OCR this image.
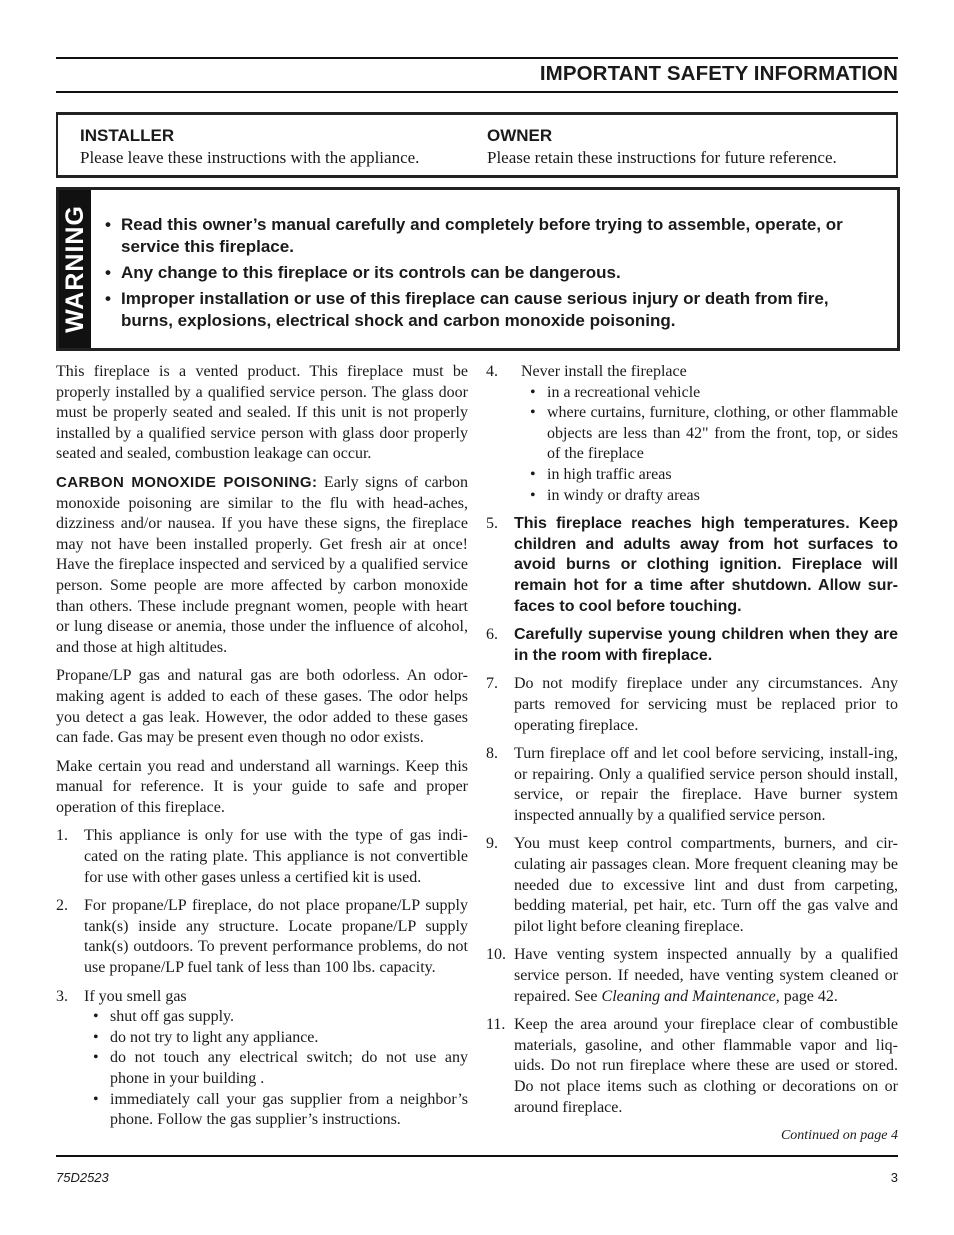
IMPORTANT SAFETY INFORMATION
INSTALLER
Please leave these instructions with the appliance.
OWNER
Please retain these instructions for future reference.
WARNING
•	Read this owner’s manual carefully and completely before trying to assemble, operate, or service this fireplace.
• Any change to this fireplace or its controls can be dangerous.
• Improper installation or use of this fireplace can cause serious injury or death from fire, burns, explosions, electrical shock and carbon monoxide poisoning.

This fireplace is a vented product. This fireplace must be properly installed by a qualified service person. The glass door must be properly seated and sealed. If this unit is not properly installed by a qualified service person with glass door properly seated and sealed, combustion leakage can occur.

CARBON MONOXIDE POISONING: Early signs of carbon monoxide poisoning are similar to the flu with head-aches, dizziness and/or nausea. If you have these signs, the fireplace may not have been installed properly. Get fresh air at once! Have the fireplace inspected and serviced by a qualified service person. Some people are more affected by carbon monoxide than others. These include pregnant women, people with heart or lung disease or anemia, those under the influence of alcohol, and those at high altitudes.

Propane/LP gas and natural gas are both odorless. An odor-making agent is added to each of these gases. The odor helps you detect a gas leak. However, the odor added to these gases can fade. Gas may be present even though no odor exists.

Make certain you read and understand all warnings. Keep this manual for reference. It is your guide to safe and proper operation of this fireplace.

1. This appliance is only for use with the type of gas indi-cated on the rating plate. This appliance is not convertible for use with other gases unless a certified kit is used.
2. For propane/LP fireplace, do not place propane/LP supply tank(s) inside any structure. Locate propane/LP supply tank(s) outdoors. To prevent performance problems, do not use propane/LP fuel tank of less than 100 lbs. capacity.
3. If you smell gas
• shut off gas supply.
• do not try to light any appliance.
• do not touch any electrical switch; do not use any phone in your building .
• immediately call your gas supplier from a neighbor’s phone. Follow the gas supplier’s instructions.
4. Never install the fireplace
• in a recreational vehicle
• where curtains, furniture, clothing, or other flammable objects are less than 42" from the front, top, or sides of the fireplace
• in high traffic areas
• in windy or drafty areas
5. This fireplace reaches high temperatures. Keep children and adults away from hot surfaces to avoid burns or clothing ignition. Fireplace will remain hot for a time after shutdown. Allow sur-faces to cool before touching.
6. Carefully supervise young children when they are in the room with fireplace.
7. Do not modify fireplace under any circumstances. Any parts removed for servicing must be replaced prior to operating fireplace.
8. Turn fireplace off and let cool before servicing, install-ing, or repairing. Only a qualified service person should install, service, or repair the fireplace. Have burner system inspected annually by a qualified service person.
9. You must keep control compartments, burners, and cir-culating air passages clean. More frequent cleaning may be needed due to excessive lint and dust from carpeting, bedding material, pet hair, etc. Turn off the gas valve and pilot light before cleaning fireplace.
10. Have venting system inspected annually by a qualified service person. If needed, have venting system cleaned or repaired. See Cleaning and Maintenance, page 42.
11. Keep the area around your fireplace clear of combustible materials, gasoline, and other flammable vapor and liq-uids. Do not run fireplace where these are used or stored. Do not place items such as clothing or decorations on or around fireplace.
Continued on page 4
75D2523	3
